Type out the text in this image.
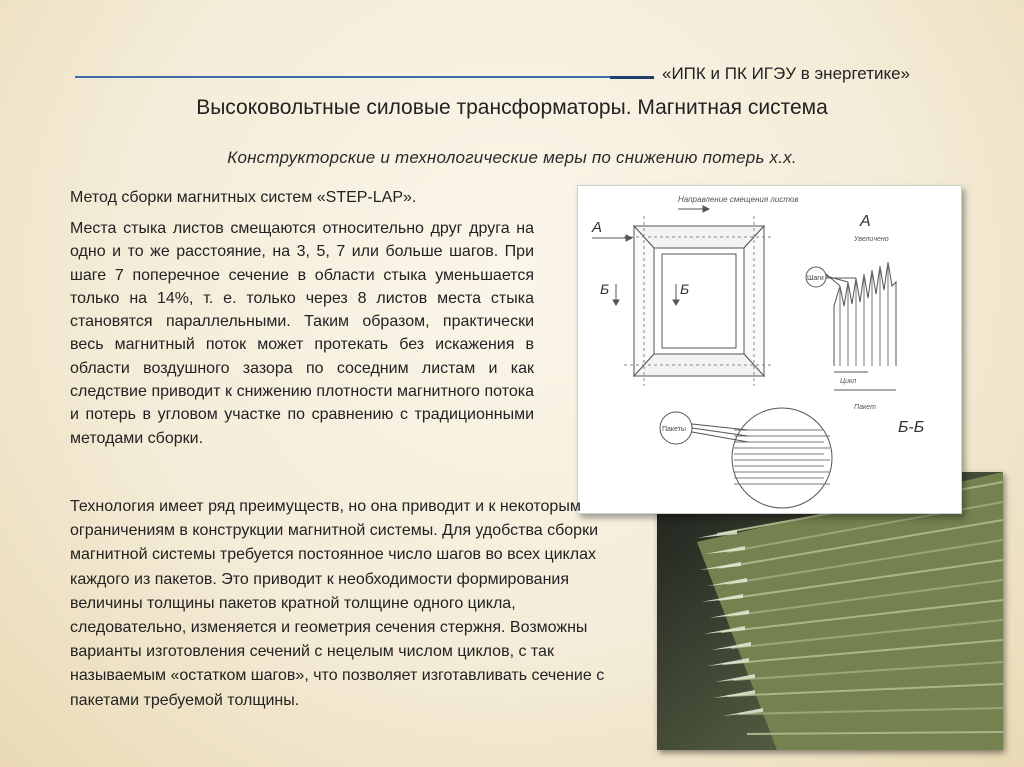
«ИПК и ПК ИГЭУ в энергетике»
Высоковольтные силовые трансформаторы. Магнитная система
Конструкторские и технологические меры по снижению потерь х.х.
Метод сборки магнитных систем «STEP-LAP».

Места стыка листов смещаются относительно друг друга на одно и то же расстояние, на 3, 5, 7 или больше шагов. При шаге 7 поперечное сечение в области стыка уменьшается только на 14%, т. е. только через 8 листов места стыка становятся параллельными. Таким образом, практически весь магнитный поток может протекать без искажения в области воздушного зазора по соседним листам и как следствие приводит к снижению плотности магнитного потока и потерь в угловом участке по сравнению с традиционными методами сборки.

Направление смещения листов
А
Б	Б
А
Увеличено
Шаги
Цикл
Пакет
Б-Б
Пакеты

Технология имеет ряд преимуществ, но она приводит и к некоторым ограничениям в конструкции магнитной системы. Для удобства сборки магнитной системы требуется постоянное число шагов во всех циклах каждого из пакетов. Это приводит к необходимости формирования величины толщины пакетов кратной толщине одного цикла, следовательно, изменяется и геометрия сечения стержня. Возможны варианты изготовления сечений с нецелым числом циклов, с так называемым «остатком шагов», что позволяет изготавливать сечение с пакетами требуемой толщины.
